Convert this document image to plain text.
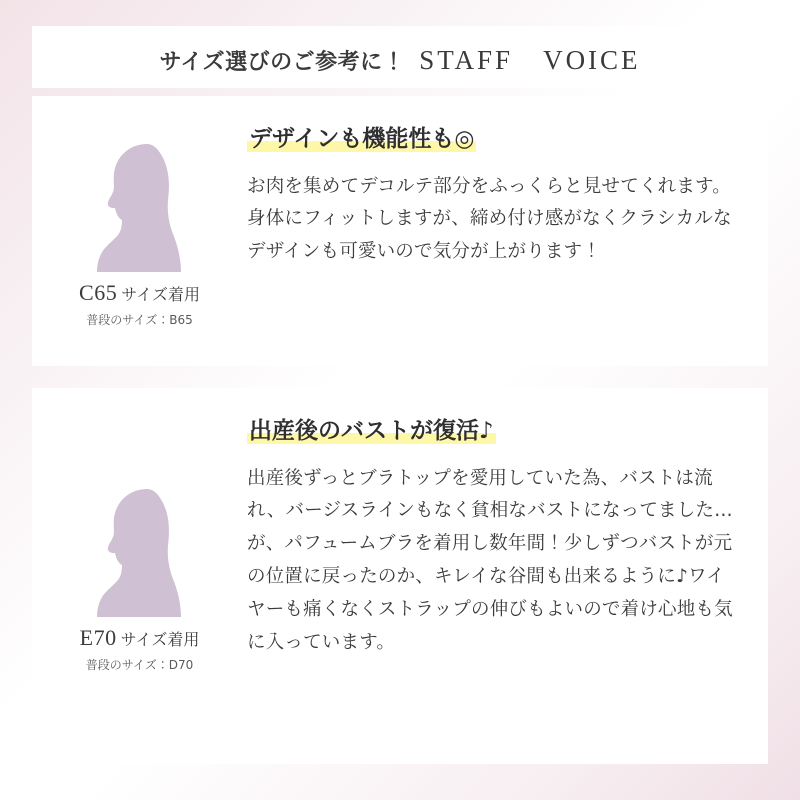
サイズ選びのご参考に！ STAFF　VOICE
C65 サイズ着用
普段のサイズ：B65
デザインも機能性も◎
お肉を集めてデコルテ部分をふっくらと見せてくれます。身体にフィットしますが、締め付け感がなくクラシカルなデザインも可愛いので気分が上がります！
E70 サイズ着用
普段のサイズ：D70
出産後のバストが復活♪
出産後ずっとブラトップを愛用していた為、バストは流れ、バージスラインもなく貧相なバストになってました…が、パフュームブラを着用し数年間！少しずつバストが元の位置に戻ったのか、キレイな谷間も出来るように♪ワイヤーも痛くなくストラップの伸びもよいので着け心地も気に入っています。
